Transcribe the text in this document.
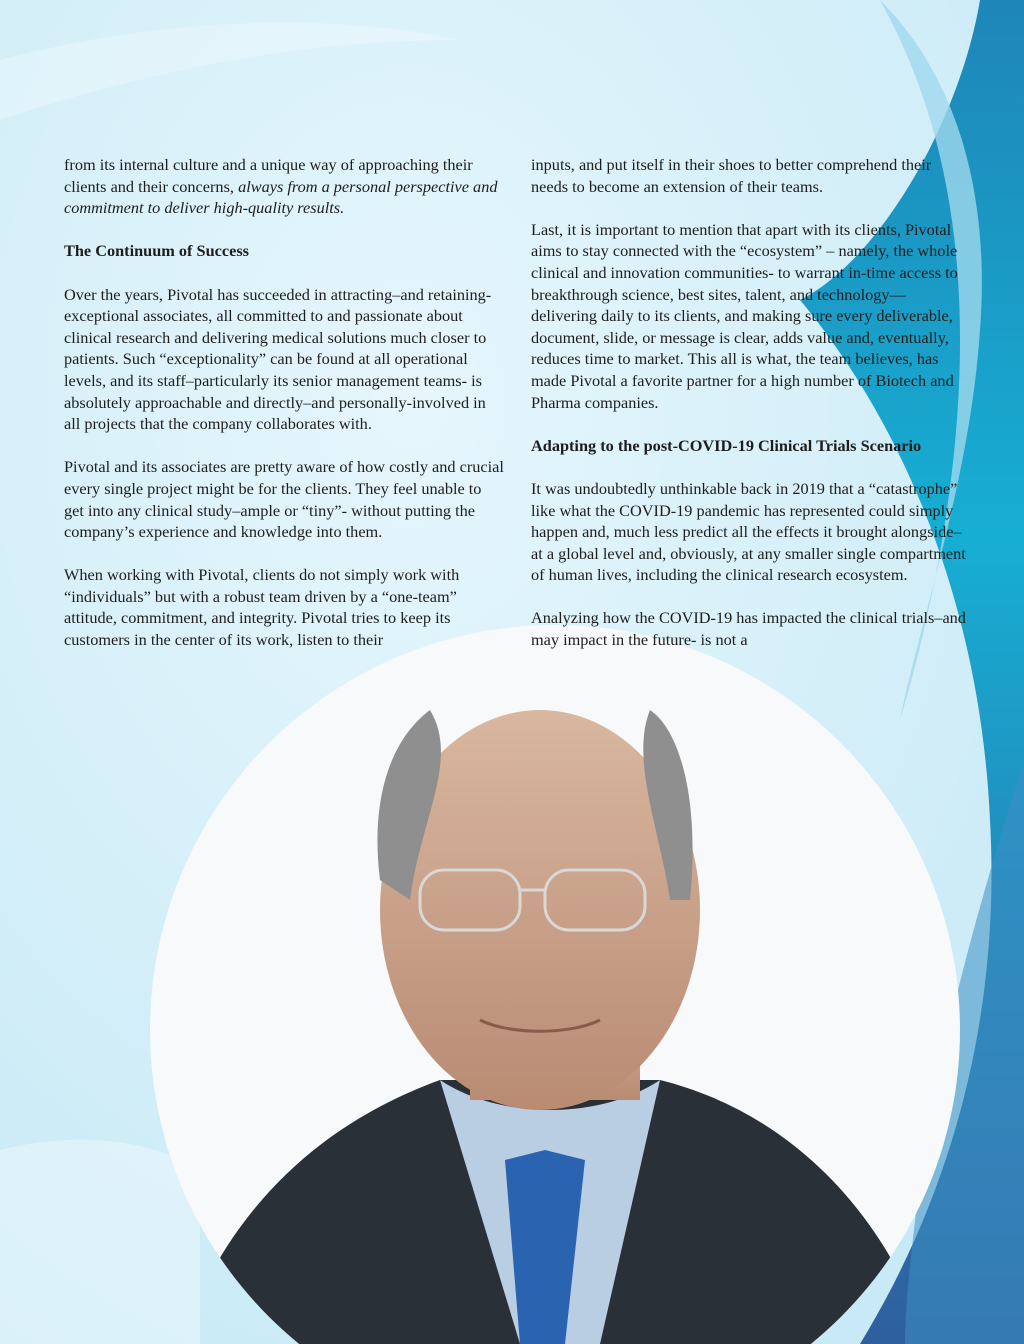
from its internal culture and a unique way of approaching their clients and their concerns, always from a personal perspective and commitment to deliver high-quality results.

The Continuum of Success

Over the years, Pivotal has succeeded in attracting–and retaining- exceptional associates, all committed to and passionate about clinical research and delivering medical solutions much closer to patients. Such “exceptionality” can be found at all operational levels, and its staff–particularly its senior management teams- is absolutely approachable and directly–and personally-involved in all projects that the company collaborates with.

Pivotal and its associates are pretty aware of how costly and crucial every single project might be for the clients. They feel unable to get into any clinical study–ample or “tiny”- without putting the company’s experience and knowledge into them.

When working with Pivotal, clients do not simply work with “individuals” but with a robust team driven by a “one-team” attitude, commitment, and integrity. Pivotal tries to keep its customers in the center of its work, listen to their

inputs, and put itself in their shoes to better comprehend their needs to become an extension of their teams.

Last, it is important to mention that apart with its clients, Pivotal aims to stay connected with the “ecosystem” – namely, the whole clinical and innovation communities- to warrant in-time access to breakthrough science, best sites, talent, and technology—delivering daily to its clients, and making sure every deliverable, document, slide, or message is clear, adds value and, eventually, reduces time to market. This all is what, the team believes, has made Pivotal a favorite partner for a high number of Biotech and Pharma companies.

Adapting to the post-COVID-19 Clinical Trials Scenario

It was undoubtedly unthinkable back in 2019 that a “catastrophe” like what the COVID-19 pandemic has represented could simply happen and, much less predict all the effects it brought alongside–at a global level and, obviously, at any smaller single compartment of human lives, including the clinical research ecosystem.

Analyzing how the COVID-19 has impacted the clinical trials–and may impact in the future- is not a
